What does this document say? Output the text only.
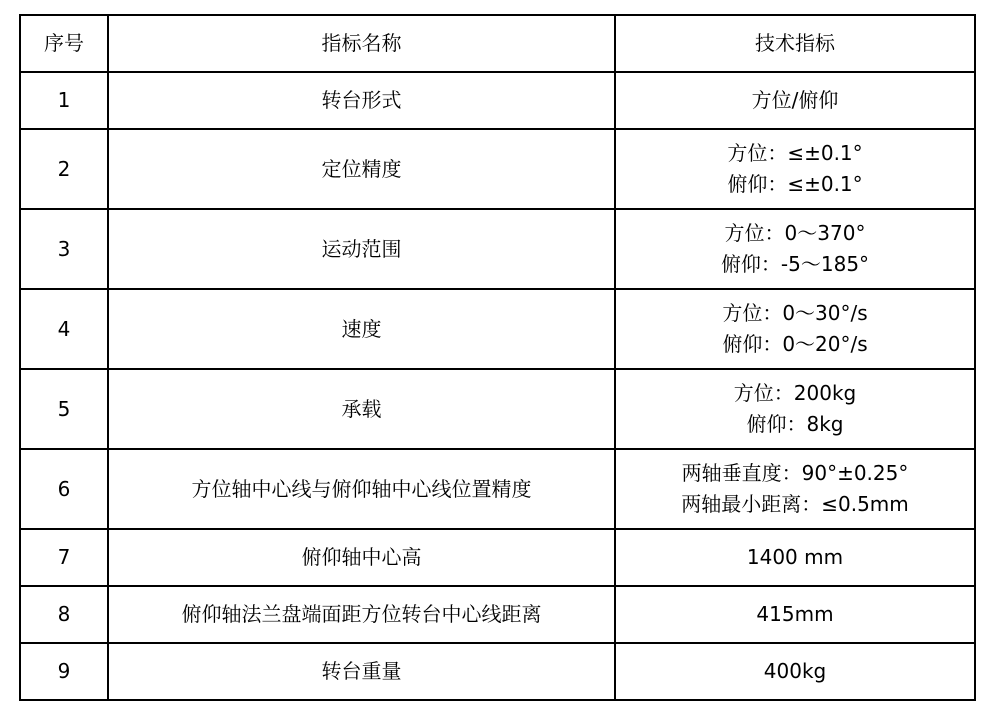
序号	指标名称	技术指标
1	转台形式	方位/俯仰

2	定位精度	方位：≤±0.1°
俯仰：≤±0.1°

3	运动范围	方位：0～370°
俯仰：-5～185°

4	速度	方位：0～30°/s
俯仰：0～20°/s

5	承载	方位：200kg
俯仰：8kg

6	方位轴中心线与俯仰轴中心线位置精度	两轴垂直度：90°±0.25°
两轴最小距离：≤0.5mm

7	俯仰轴中心高	1400 mm

8	俯仰轴法兰盘端面距方位转台中心线距离	415mm

9	转台重量	400kg
